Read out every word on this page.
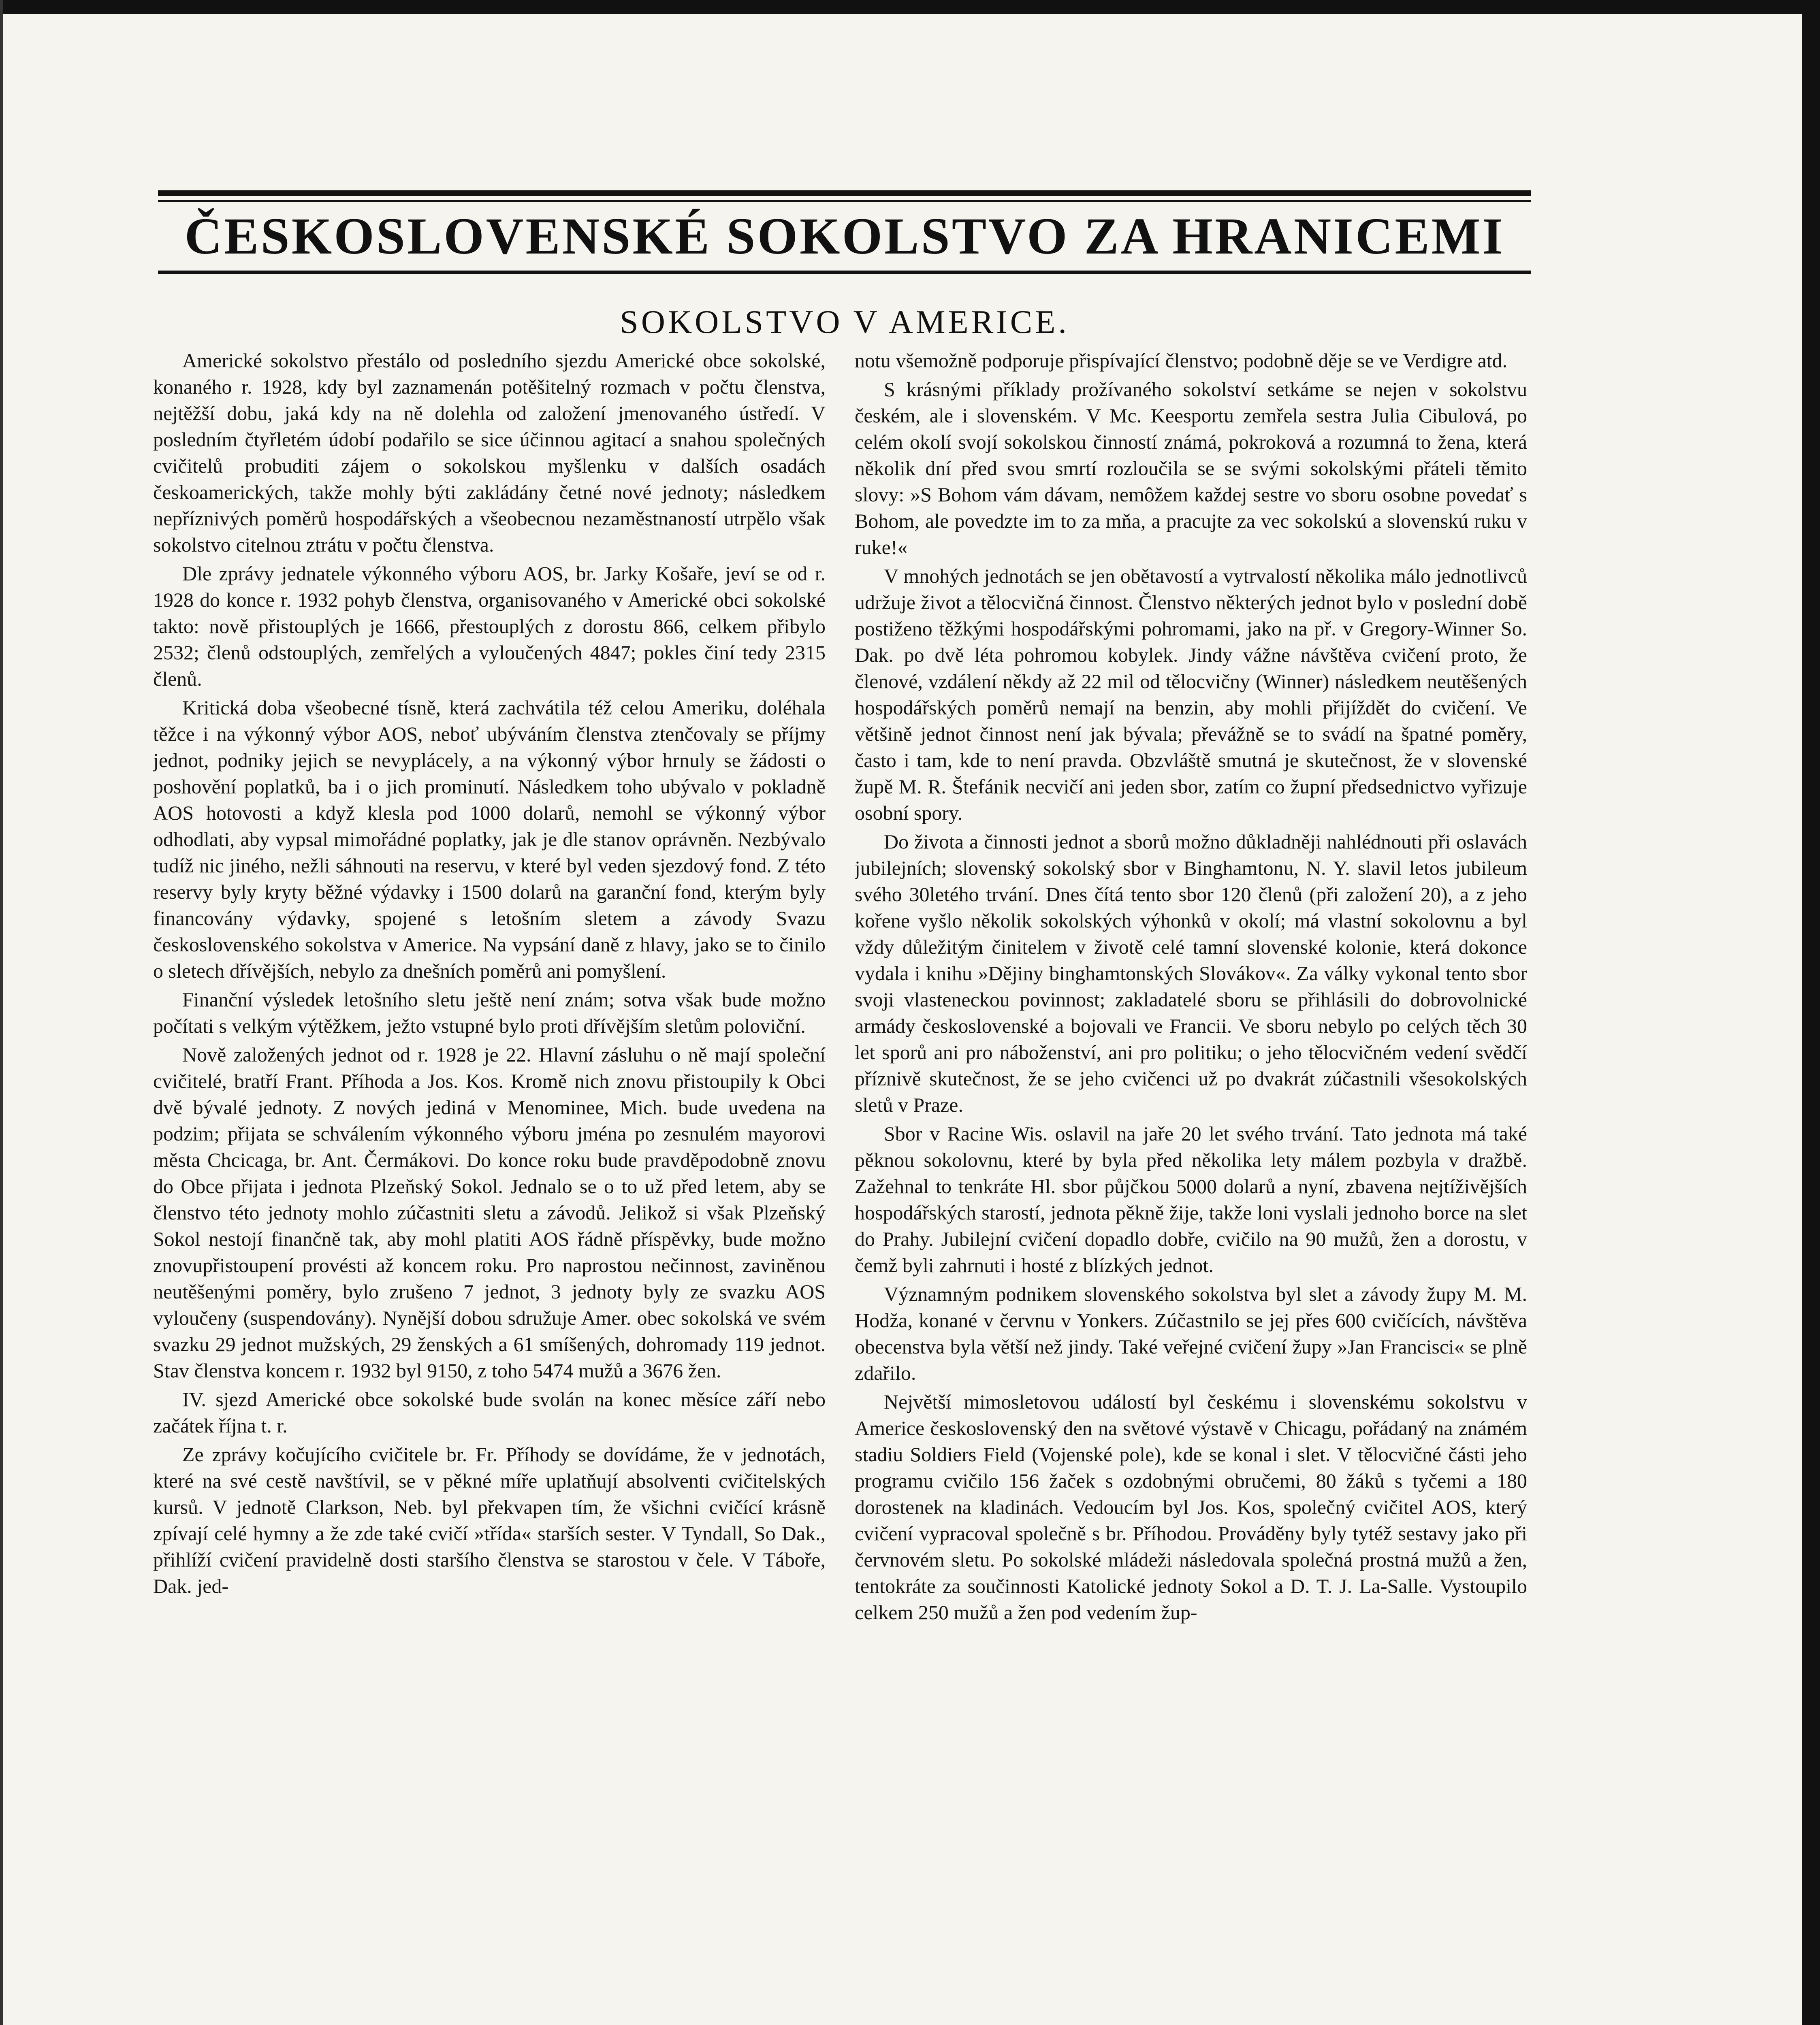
ČESKOSLOVENSKÉ SOKOLSTVO ZA HRANICEMI
SOKOLSTVO V AMERICE.

Americké sokolstvo přestálo od posledního sjezdu Americké obce sokolské, konaného r. 1928, kdy byl zaznamenán potěšitelný rozmach v počtu členstva, nejtěžší dobu, jaká kdy na ně dolehla od založení jmenovaného ústředí. V posledním čtyřletém údobí podařilo se sice účinnou agitací a snahou společných cvičitelů probuditi zájem o sokolskou myšlenku v dalších osadách českoamerických, takže mohly býti zakládány četné nové jednoty; následkem nepříznivých poměrů hospodářských a všeobecnou nezaměstnaností utrpělo však sokolstvo citelnou ztrátu v počtu členstva.

Dle zprávy jednatele výkonného výboru AOS, br. Jarky Košaře, jeví se od r. 1928 do konce r. 1932 pohyb členstva, organisovaného v Americké obci sokolské takto: nově přistouplých je 1666, přestouplých z dorostu 866, celkem přibylo 2532; členů odstouplých, zemřelých a vyloučených 4847; pokles činí tedy 2315 členů.

Kritická doba všeobecné tísně, která zachvátila též celou Ameriku, doléhala těžce i na výkonný výbor AOS, neboť ubýváním členstva ztenčovaly se příjmy jednot, podniky jejich se nevyplácely, a na výkonný výbor hrnuly se žádosti o poshovění poplatků, ba i o jich prominutí. Následkem toho ubývalo v pokladně AOS hotovosti a když klesla pod 1000 dolarů, nemohl se výkonný výbor odhodlati, aby vypsal mimořádné poplatky, jak je dle stanov oprávněn. Nezbývalo tudíž nic jiného, nežli sáhnouti na reservu, v které byl veden sjezdový fond. Z této reservy byly kryty běžné výdavky i 1500 dolarů na garanční fond, kterým byly financovány výdavky, spojené s letošním sletem a závody Svazu československého sokolstva v Americe. Na vypsání daně z hlavy, jako se to činilo o sletech dřívějších, nebylo za dnešních poměrů ani pomyšlení.

Finanční výsledek letošního sletu ještě není znám; sotva však bude možno počítati s velkým výtěžkem, ježto vstupné bylo proti dřívějším sletům poloviční.

Nově založených jednot od r. 1928 je 22. Hlavní zásluhu o ně mají společní cvičitelé, bratří Frant. Příhoda a Jos. Kos. Kromě nich znovu přistoupily k Obci dvě bývalé jednoty. Z nových jediná v Menominee, Mich. bude uvedena na podzim; přijata se schválením výkonného výboru jména po zesnulém mayorovi města Chcicaga, br. Ant. Čermákovi. Do konce roku bude pravděpodobně znovu do Obce přijata i jednota Plzeňský Sokol. Jednalo se o to už před letem, aby se členstvo této jednoty mohlo zúčastniti sletu a závodů. Jelikož si však Plzeňský Sokol nestojí finančně tak, aby mohl platiti AOS řádně příspěvky, bude možno znovupřistoupení provésti až koncem roku. Pro naprostou nečinnost, zaviněnou neutěšenými poměry, bylo zrušeno 7 jednot, 3 jednoty byly ze svazku AOS vyloučeny (suspendovány). Nynější dobou sdružuje Amer. obec sokolská ve svém svazku 29 jednot mužských, 29 ženských a 61 smíšených, dohromady 119 jednot. Stav členstva koncem r. 1932 byl 9150, z toho 5474 mužů a 3676 žen.

IV. sjezd Americké obce sokolské bude svolán na konec měsíce září nebo začátek října t. r.

Ze zprávy kočujícího cvičitele br. Fr. Příhody se dovídáme, že v jednotách, které na své cestě navštívil, se v pěkné míře uplatňují absolventi cvičitelských kursů. V jednotě Clarkson, Neb. byl překvapen tím, že všichni cvičící krásně zpívají celé hymny a že zde také cvičí »třída« starších sester. V Tyndall, So Dak., přihlíží cvičení pravidelně dosti staršího členstva se starostou v čele. V Táboře, Dak. jed-

notu všemožně podporuje přispívající členstvo; podobně děje se ve Verdigre atd.

S krásnými příklady prožívaného sokolství setkáme se nejen v sokolstvu českém, ale i slovenském. V Mc. Keesportu zemřela sestra Julia Cibulová, po celém okolí svojí sokolskou činností známá, pokroková a rozumná to žena, která několik dní před svou smrtí rozloučila se se svými sokolskými přáteli těmito slovy: »S Bohom vám dávam, nemôžem každej sestre vo sboru osobne povedať s Bohom, ale povedzte im to za mňa, a pracujte za vec sokolskú a slovenskú ruku v ruke!«

V mnohých jednotách se jen obětavostí a vytrvalostí několika málo jednotlivců udržuje život a tělocvičná činnost. Členstvo některých jednot bylo v poslední době postiženo těžkými hospodářskými pohromami, jako na př. v Gregory-Winner So. Dak. po dvě léta pohromou kobylek. Jindy vážne návštěva cvičení proto, že členové, vzdálení někdy až 22 mil od tělocvičny (Winner) následkem neutěšených hospodářských poměrů nemají na benzin, aby mohli přijíždět do cvičení. Ve většině jednot činnost není jak bývala; převážně se to svádí na špatné poměry, často i tam, kde to není pravda. Obzvláště smutná je skutečnost, že v slovenské župě M. R. Štefánik necvičí ani jeden sbor, zatím co župní předsednictvo vyřizuje osobní spory.

Do života a činnosti jednot a sborů možno důkladněji nahlédnouti při oslavách jubilejních; slovenský sokolský sbor v Binghamtonu, N. Y. slavil letos jubileum svého 30letého trvání. Dnes čítá tento sbor 120 členů (při založení 20), a z jeho kořene vyšlo několik sokolských výhonků v okolí; má vlastní sokolovnu a byl vždy důležitým činitelem v životě celé tamní slovenské kolonie, která dokonce vydala i knihu »Dějiny binghamtonských Slovákov«. Za války vykonal tento sbor svoji vlasteneckou povinnost; zakladatelé sboru se přihlásili do dobrovolnické armády československé a bojovali ve Francii. Ve sboru nebylo po celých těch 30 let sporů ani pro náboženství, ani pro politiku; o jeho tělocvičném vedení svědčí příznivě skutečnost, že se jeho cvičenci už po dvakrát zúčastnili všesokolských sletů v Praze.

Sbor v Racine Wis. oslavil na jaře 20 let svého trvání. Tato jednota má také pěknou sokolovnu, které by byla před několika lety málem pozbyla v dražbě. Zažehnal to tenkráte Hl. sbor půjčkou 5000 dolarů a nyní, zbavena nejtíživějších hospodářských starostí, jednota pěkně žije, takže loni vyslali jednoho borce na slet do Prahy. Jubilejní cvičení dopadlo dobře, cvičilo na 90 mužů, žen a dorostu, v čemž byli zahrnuti i hosté z blízkých jednot.

Významným podnikem slovenského sokolstva byl slet a závody župy M. M. Hodža, konané v červnu v Yonkers. Zúčastnilo se jej přes 600 cvičících, návštěva obecenstva byla větší než jindy. Také veřejné cvičení župy »Jan Francisci« se plně zdařilo.

Největší mimosletovou událostí byl českému i slovenskému sokolstvu v Americe československý den na světové výstavě v Chicagu, pořádaný na známém stadiu Soldiers Field (Vojenské pole), kde se konal i slet. V tělocvičné části jeho programu cvičilo 156 žaček s ozdobnými obručemi, 80 žáků s tyčemi a 180 dorostenek na kladinách. Vedoucím byl Jos. Kos, společný cvičitel AOS, který cvičení vypracoval společně s br. Příhodou. Prováděny byly tytéž sestavy jako při červnovém sletu. Po sokolské mládeži následovala společná prostná mužů a žen, tentokráte za součinnosti Katolické jednoty Sokol a D. T. J. La-Salle. Vystoupilo celkem 250 mužů a žen pod vedením žup-
